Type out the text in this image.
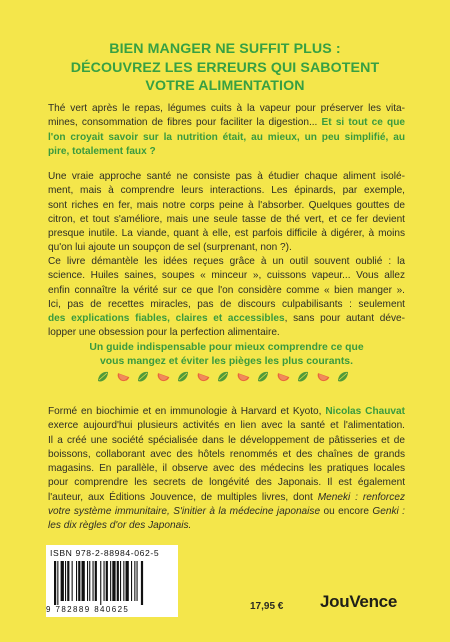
BIEN MANGER NE SUFFIT PLUS :
DÉCOUVREZ LES ERREURS QUI SABOTENT
VOTRE ALIMENTATION
Thé vert après le repas, légumes cuits à la vapeur pour préserver les vita-
mines, consommation de fibres pour faciliter la digestion... Et si tout ce que
l'on croyait savoir sur la nutrition était, au mieux, un peu simplifié, au
pire, totalement faux ?
Une vraie approche santé ne consiste pas à étudier chaque aliment isolé-
ment, mais à comprendre leurs interactions. Les épinards, par exemple,
sont riches en fer, mais notre corps peine à l'absorber. Quelques gouttes de
citron, et tout s'améliore, mais une seule tasse de thé vert, et ce fer devient
presque inutile. La viande, quant à elle, est parfois difficile à digérer, à moins
qu'on lui ajoute un soupçon de sel (surprenant, non ?).
Ce livre démantèle les idées reçues grâce à un outil souvent oublié : la
science. Huiles saines, soupes « minceur », cuissons vapeur... Vous allez
enfin connaître la vérité sur ce que l'on considère comme « bien manger ».
Ici, pas de recettes miracles, pas de discours culpabilisants : seulement
des explications fiables, claires et accessibles, sans pour autant déve-
lopper une obsession pour la perfection alimentaire.
Un guide indispensable pour mieux comprendre ce que
vous mangez et éviter les pièges les plus courants.
Formé en biochimie et en immunologie à Harvard et Kyoto, Nicolas Chauvat
exerce aujourd'hui plusieurs activités en lien avec la santé et l'alimentation.
Il a créé une société spécialisée dans le développement de pâtisseries et de
boissons, collaborant avec des hôtels renommés et des chaînes de grands
magasins. En parallèle, il observe avec des médecins les pratiques locales
pour comprendre les secrets de longévité des Japonais. Il est également
l'auteur, aux Éditions Jouvence, de multiples livres, dont Meneki : renforcez
votre système immunitaire, S'initier à la médecine japonaise ou encore Genki :
les dix règles d'or des Japonais.
ISBN 978-2-88984-062-5
9 782889 840625	17,95 € JouVence
